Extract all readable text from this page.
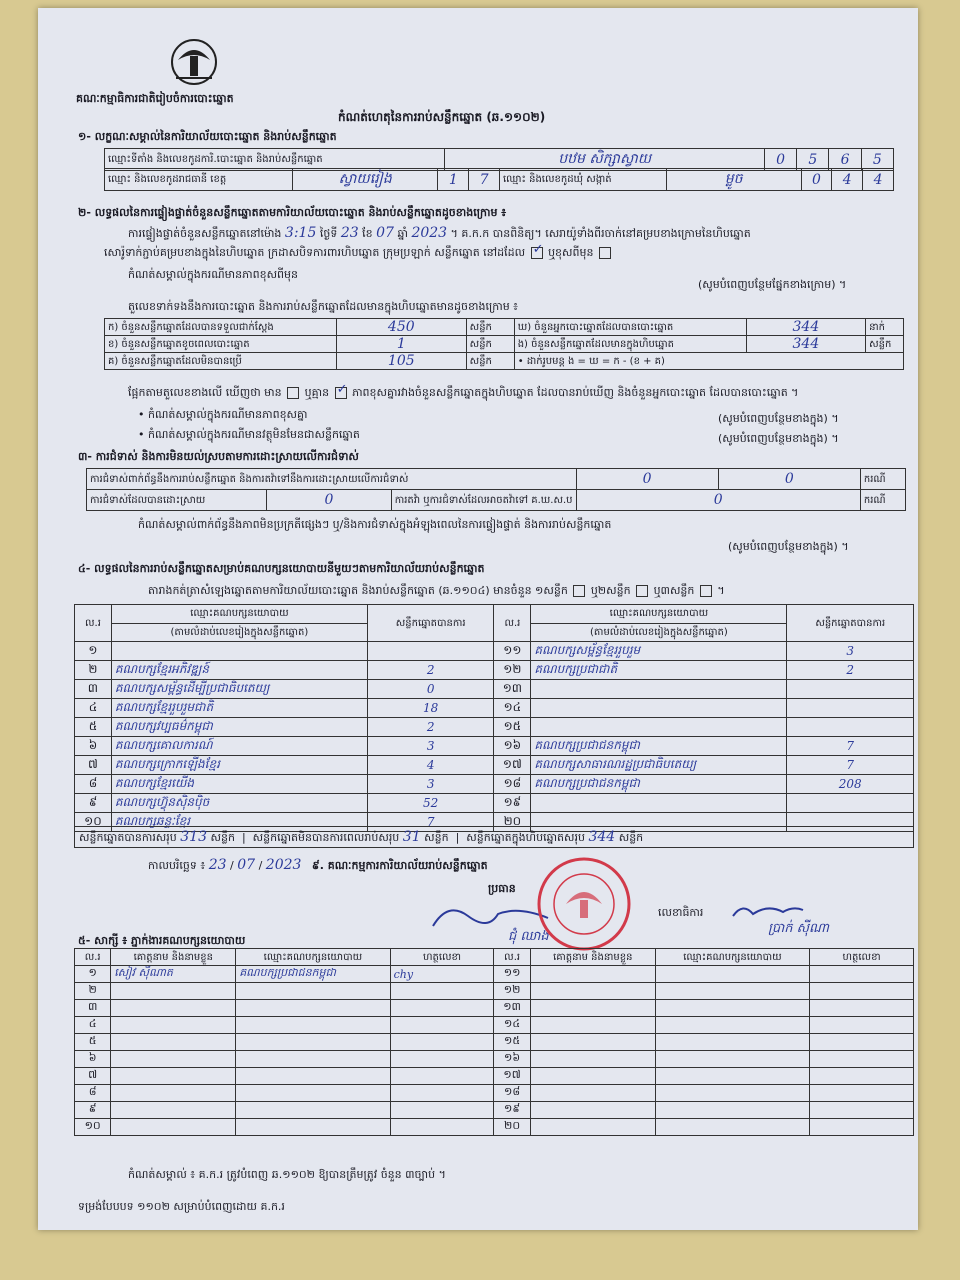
គណៈកម្មាធិការជាតិរៀបចំការបោះឆ្នោត
កំណត់ហេតុនៃការរាប់សន្លឹកឆ្នោត (ឆ.១១០២)
១- លក្ខណៈសម្គាល់នៃការិយាល័យបោះឆ្នោត និងរាប់សន្លឹកឆ្នោត
ឈ្មោះទីតាំង និងលេខកូដការិ.បោះឆ្នោត និងរាប់សន្លឹកឆ្នោត	បឋម សិក្សាស្វាយ	0	5	6	5
ឈ្មោះ និងលេខកូដរាជធានី ខេត្ត	ស្វាយរៀង	1	7	ឈ្មោះ និងលេខកូដឃុំ សង្កាត់	ម្លូច	0	4	4
២- លទ្ធផលនៃការផ្ទៀងផ្ទាត់ចំនួនសន្លឹកឆ្នោតតាមការិយាល័យបោះឆ្នោត និងរាប់សន្លឹកឆ្នោតដូចខាងក្រោម ៖
ការផ្ទៀងផ្ទាត់ចំនួនសន្លឹកឆ្នោតនៅម៉ោង 3:15 ថ្ងៃទី 23 ខែ 07 ឆ្នាំ 2023 ។ គ.ក.ក បានពិនិត្យ។ សេរាយ៉ូទាំងពីរចាក់នៅគម្របខាងក្រោមនៃហិបឆ្នោត
សោរ៉ូទាក់ភ្ជាប់គម្របខាងក្នុងនៃហិបឆ្នោត ក្រដាសបិទការពារហិបឆ្នោត ក្រុមប្រឡាក់ សន្លឹកឆ្នោត នៅដដែល ✓ ឬខុសពីមុន
កំណត់សម្គាល់ក្នុងករណីមានភាពខុសពីមុន
(សូមបំពេញបន្ថែមផ្នែកខាងក្រោម) ។
តួលេខទាក់ទងនឹងការបោះឆ្នោត និងការរាប់សន្លឹកឆ្នោតដែលមានក្នុងហិបឆ្នោតមានដូចខាងក្រោម ៖
ក) ចំនួនសន្លឹកឆ្នោតដែលបានទទួលជាក់ស្តែង	450	សន្លឹក	ឃ) ចំនួនអ្នកបោះឆ្នោតដែលបានបោះឆ្នោត	344	នាក់
ខ) ចំនួនសន្លឹកឆ្នោតខូចពេលបោះឆ្នោត	1	សន្លឹក	ង) ចំនួនសន្លឹកឆ្នោតដែលមានក្នុងហិបឆ្នោត	344	សន្លឹក
គ) ចំនួនសន្លឹកឆ្នោតដែលមិនបានប្រើ	105	សន្លឹក	• ដាក់រូបមន្ត ង = ឃ = ក - (ខ + គ)		
ផ្អែកតាមតួលេខខាងលើ ឃើញថា មាន ឬគ្មាន ✓ ភាពខុសគ្នារវាងចំនួនសន្លឹកឆ្នោតក្នុងហិបឆ្នោត ដែលបានរាប់ឃើញ និងចំនួនអ្នកបោះឆ្នោត ដែលបានបោះឆ្នោត ។
• កំណត់សម្គាល់ក្នុងករណីមានភាពខុសគ្នា	(សូមបំពេញបន្ថែមខាងក្នុង) ។
• កំណត់សម្គាល់ក្នុងករណីមានវត្ថុមិនមែនជាសន្លឹកឆ្នោត	(សូមបំពេញបន្ថែមខាងក្នុង) ។
៣- ការជំទាស់ និងការមិនយល់ស្របតាមការដោះស្រាយលើការជំទាស់
ការជំទាស់ពាក់ព័ន្ធនឹងការរាប់សន្លឹកឆ្នោត និងការតវ៉ាទៅនឹងការដោះស្រាយលើការជំទាស់			0	0	ករណី
ការជំទាស់ដែលបានដោះស្រាយ	0	ការតវ៉ា ឬការជំទាស់ដែលអាចតវ៉ាទៅ គ.ឃ.ស.ប	0		ករណី
កំណត់សម្គាល់ពាក់ព័ន្ធនឹងភាពមិនប្រក្រតីផ្សេងៗ ឬ/និងការជំទាស់ក្នុងអំឡុងពេលនៃការផ្ទៀងផ្ទាត់ និងការរាប់សន្លឹកឆ្នោត
(សូមបំពេញបន្ថែមខាងក្នុង) ។
៤- លទ្ធផលនៃការរាប់សន្លឹកឆ្នោតសម្រាប់គណបក្សនយោបាយនីមួយៗតាមការិយាល័យរាប់សន្លឹកឆ្នោត
តារាងកត់ត្រាសំឡេងឆ្នោតតាមការិយាល័យបោះឆ្នោត និងរាប់សន្លឹកឆ្នោត (ឆ.១១០៤) មានចំនួន ១សន្លឹក ឬ២សន្លឹក ឬ៣សន្លឹក  ។
ល.រ	ឈ្មោះគណបក្សនយោបាយ	សន្លឹកឆ្នោតបានការ	ល.រ	ឈ្មោះគណបក្សនយោបាយ	សន្លឹកឆ្នោតបានការ
	(តាមលំដាប់លេខរៀងក្នុងសន្លឹកឆ្នោត)			(តាមលំដាប់លេខរៀងក្នុងសន្លឹកឆ្នោត)	
១			១១	គណបក្សសម្ព័ន្ធខ្មែររួបរួម	3
២	គណបក្សខ្មែរអភិវឌ្ឍន៍	2	១២	គណបក្សប្រជាជាតិ	2
៣	គណបក្សសម្ព័ន្ធដើម្បីប្រជាធិបតេយ្យ	0	១៣		
៤	គណបក្សខ្មែររួបរួមជាតិ	18	១៤		
៥	គណបក្សវប្បធម៌កម្ពុជា	2	១៥		
៦	គណបក្សគោលការណ៍	3	១៦	គណបក្សប្រជាជនកម្ពុជា	7
៧	គណបក្សក្រោកឡើងខ្មែរ	4	១៧	គណបក្សសាធារណរដ្ឋប្រជាធិបតេយ្យ	7
៨	គណបក្សខ្មែរយើង	3	១៨	គណបក្សប្រជាជនកម្ពុជា	208
៩	គណបក្សហ៊្វុនស៊ិនប៉ិច	52	១៩		
១០	គណបក្សឆន្ទៈខ្មែរ	7	២០		
សន្លឹកឆ្នោតបានការសរុប 313 សន្លឹក  |  សន្លឹកឆ្នោតមិនបានការពេលរាប់សរុប 31 សន្លឹក  |  សន្លឹកឆ្នោតក្នុងហិបឆ្នោតសរុប 344 សន្លឹក
កាលបរិច្ឆេទ ៖ 23 / 07 / 2023 ៩. គណៈកម្មការការិយាល័យរាប់សន្លឹកឆ្នោត
ប្រធាន
ជុំ ឈាង
លេខាធិការ
ប្រាក់ ស៊ីណា
៥- សាក្សី ៖ ភ្នាក់ងារគណបក្សនយោបាយ
ល.រ	គោត្តនាម និងនាមខ្លួន	ឈ្មោះគណបក្សនយោបាយ	ហត្ថលេខា	ល.រ	គោត្តនាម និងនាមខ្លួន	ឈ្មោះគណបក្សនយោបាយ	ហត្ថលេខា
១	សៀវ ស៊ីណាត	គណបក្សប្រជាជនកម្ពុជា	chy	១១			
២				១២			
៣				១៣			
៤				១៤			
៥				១៥			
៦				១៦			
៧				១៧			
៨				១៨			
៩				១៩			
១០				២០			
កំណត់សម្គាល់ ៖ គ.ក.រ ត្រូវបំពេញ ឆ.១១០២ ឱ្យបានត្រឹមត្រូវ ចំនួន ៣ច្បាប់ ។
ទម្រង់បែបបទ ១១០២ សម្រាប់បំពេញដោយ គ.ក.រ
